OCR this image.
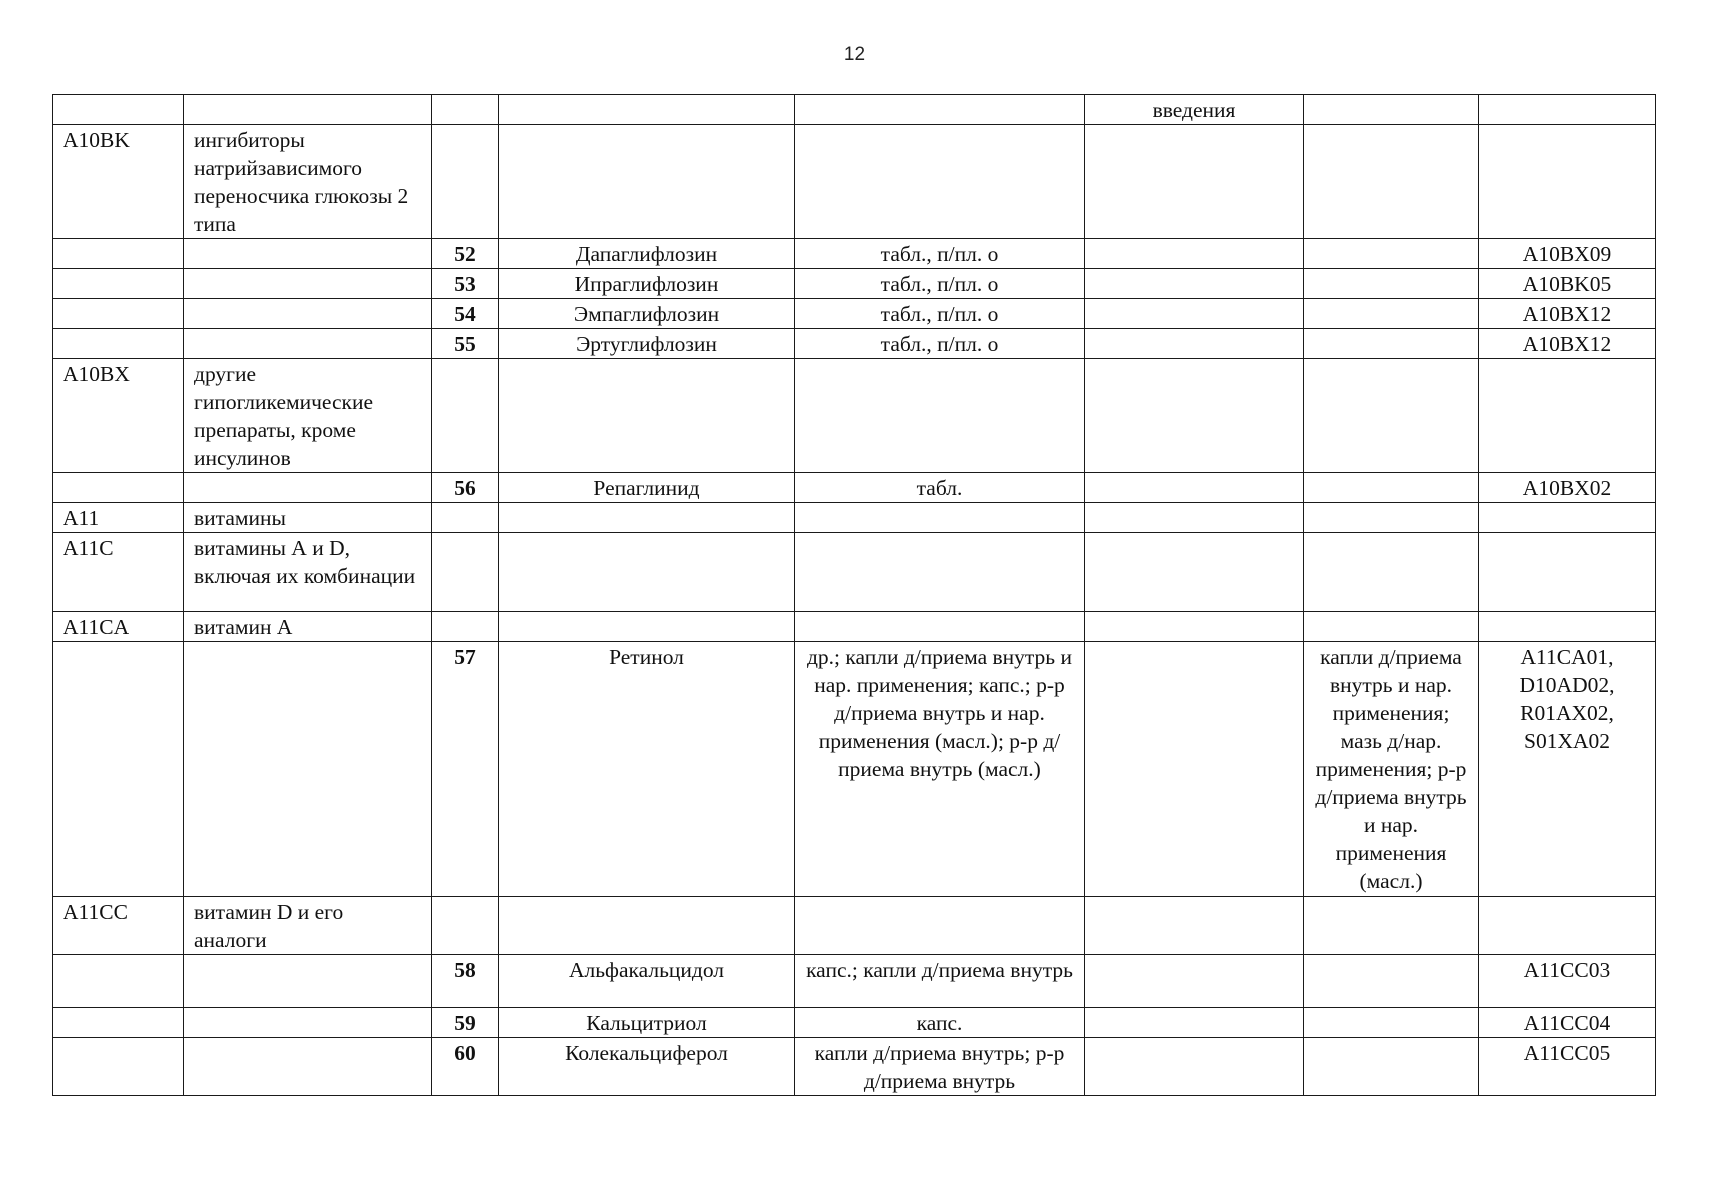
12
					введения		
A10BK	ингибиторы натрийзависимого переносчика глюкозы 2 типа						
		52	Дапаглифлозин	табл., п/пл. о			A10BX09
		53	Ипраглифлозин	табл., п/пл. о			A10BK05
		54	Эмпаглифлозин	табл., п/пл. о			A10BX12
		55	Эртуглифлозин	табл., п/пл. о			A10BX12
A10BX	другие гипогликемические препараты, кроме инсулинов						
		56	Репаглинид	табл.			A10BX02
A11	витамины						
A11C	витамины А и D, включая их комбинации						
A11CA	витамин А						
		57	Ретинол	др.; капли д/приема внутрь и нар. применения; капс.; р-р д/приема внутрь и нар. применения (масл.); р-р д/приема внутрь (масл.)		капли д/приема внутрь и нар. применения; мазь д/нар. применения; р-р д/приема внутрь и нар. применения (масл.)	A11CA01, D10AD02, R01AX02, S01XA02
A11CC	витамин D и его аналоги						
		58	Альфакальцидол	капс.; капли д/приема внутрь			A11CC03
		59	Кальцитриол	капс.			A11CC04
		60	Колекальциферол	капли д/приема внутрь; р-р д/приема внутрь			A11CC05
